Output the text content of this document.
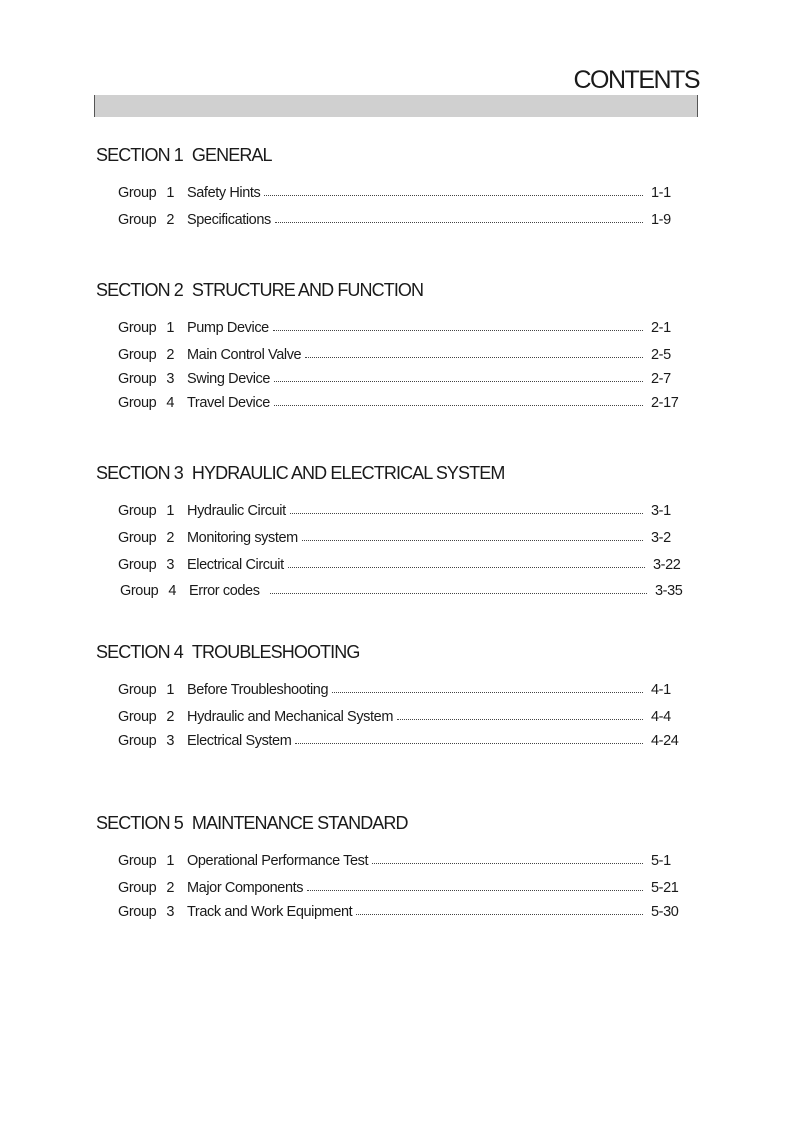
CONTENTS
SECTION 1 GENERAL
Group 1 Safety Hints	1-1
Group 2 Specifications	1-9
SECTION 2 STRUCTURE AND FUNCTION
Group 1 Pump Device	2-1
Group 2 Main Control Valve	2-5
Group 3 Swing Device	2-7
Group 4 Travel Device	2-17
SECTION 3 HYDRAULIC AND ELECTRICAL SYSTEM
Group 1 Hydraulic Circuit	3-1
Group 2 Monitoring system	3-2
Group 3 Electrical Circuit	3-22
Group 4 Error codes	3-35
SECTION 4 TROUBLESHOOTING
Group 1 Before Troubleshooting	4-1
Group 2 Hydraulic and Mechanical System	4-4
Group 3 Electrical System	4-24
SECTION 5 MAINTENANCE STANDARD
Group 1 Operational Performance Test	5-1
Group 2 Major Components	5-21
Group 3 Track and Work Equipment	5-30
